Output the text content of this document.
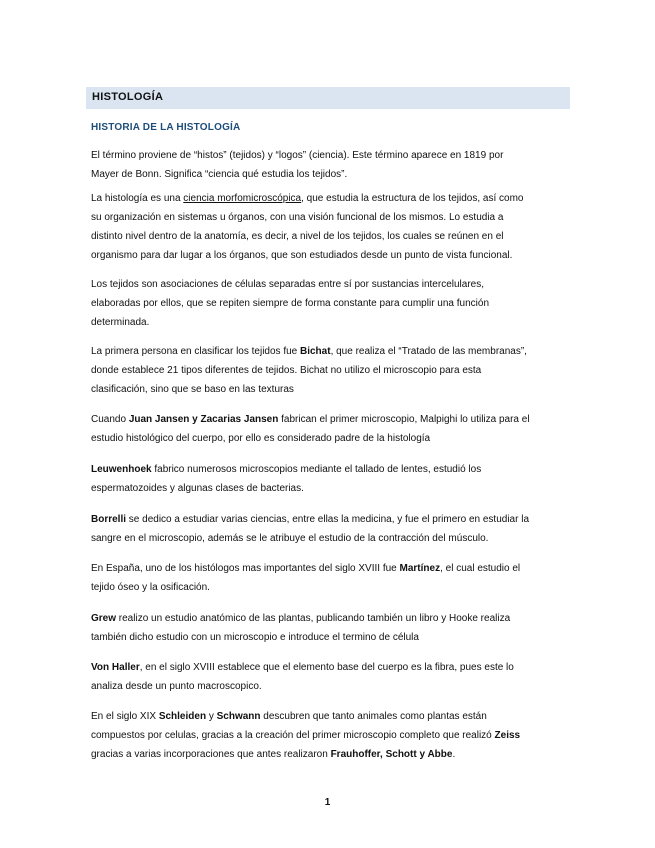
HISTOLOGÍA
HISTORIA DE LA HISTOLOGÍA
El término proviene de “histos” (tejidos) y “logos” (ciencia). Este término aparece en 1819 por
Mayer de Bonn. Significa “ciencia qué estudia los tejidos”.
La histología es una ciencia morfomicroscópica, que estudia la estructura de los tejidos, así como
su organización en sistemas u órganos, con una visión funcional de los mismos. Lo estudia a
distinto nivel dentro de la anatomía, es decir, a nivel de los tejidos, los cuales se reúnen en el
organismo para dar lugar a los órganos, que son estudiados desde un punto de vista funcional.
Los tejidos son asociaciones de células separadas entre sí por sustancias intercelulares,
elaboradas por ellos, que se repiten siempre de forma constante para cumplir una función
determinada.
La primera persona en clasificar los tejidos fue Bichat, que realiza el “Tratado de las membranas”,
donde establece 21 tipos diferentes de tejidos. Bichat no utilizo el microscopio para esta
clasificación, sino que se baso en las texturas
Cuando Juan Jansen y Zacarias Jansen fabrican el primer microscopio, Malpighi lo utiliza para el
estudio histológico del cuerpo, por ello es considerado padre de la histología
Leuwenhoek fabrico numerosos microscopios mediante el tallado de lentes, estudió los
espermatozoides y algunas clases de bacterias.
Borrelli se dedico a estudiar varias ciencias, entre ellas la medicina, y fue el primero en estudiar la
sangre en el microscopio, además se le atribuye el estudio de la contracción del músculo.
En España, uno de los histólogos mas importantes del siglo XVIII fue Martínez, el cual estudio el
tejido óseo y la osificación.
Grew realizo un estudio anatómico de las plantas, publicando también un libro y Hooke realiza
también dicho estudio con un microscopio e introduce el termino de célula
Von Haller, en el siglo XVIII establece que el elemento base del cuerpo es la fibra, pues este lo
analiza desde un punto macroscopico.
En el siglo XIX Schleiden y Schwann descubren que tanto animales como plantas están
compuestos por celulas, gracias a la creación del primer microscopio completo que realizó Zeiss
gracias a varias incorporaciones que antes realizaron Frauhoffer, Schott y Abbe.
1
